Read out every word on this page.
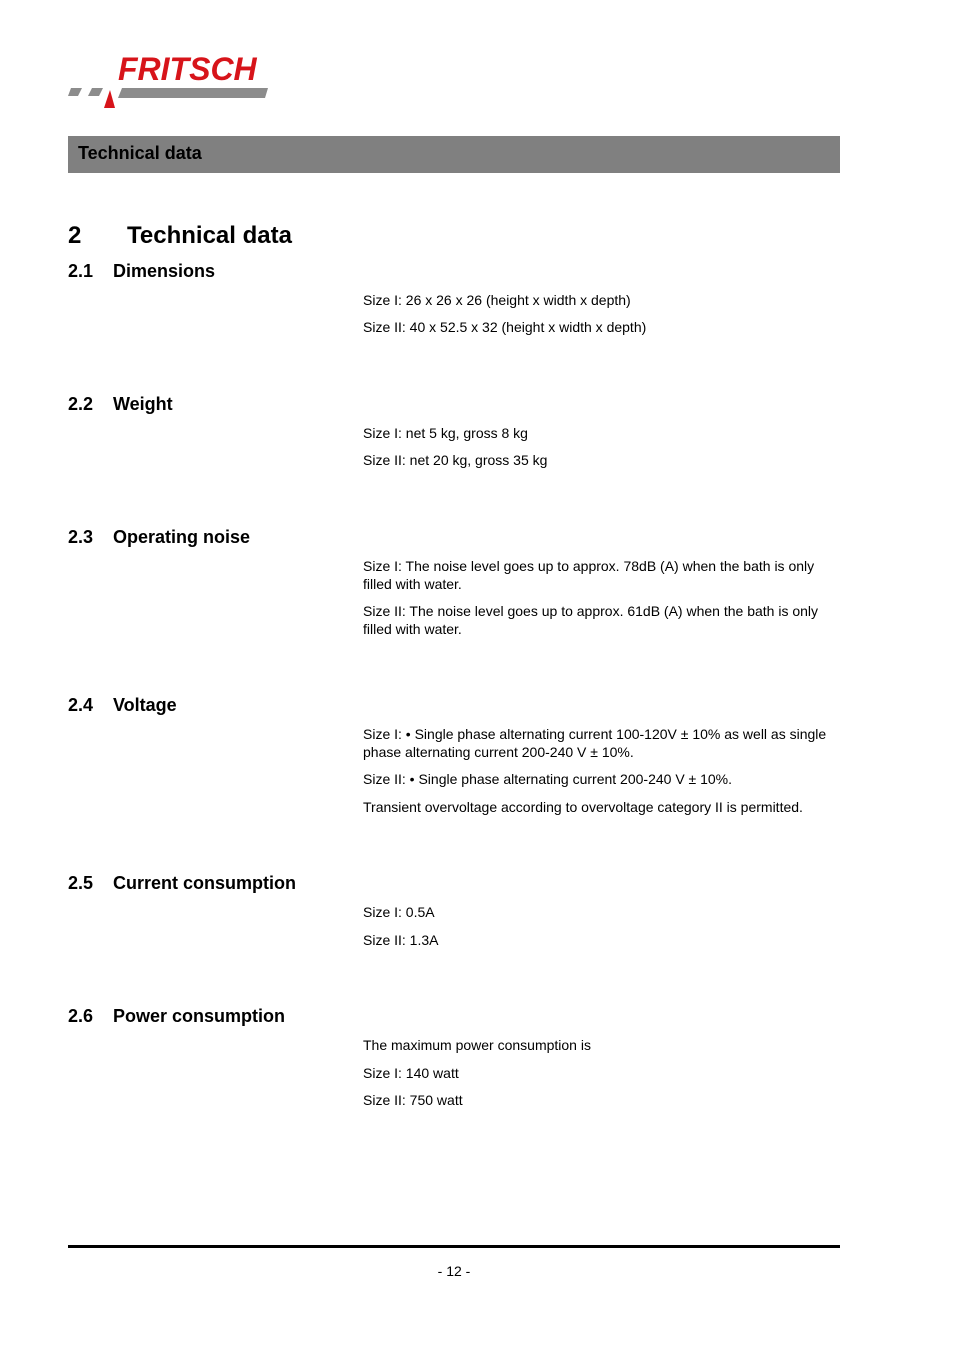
FRITSCH
Technical data
2 Technical data
2.1 Dimensions
Size I: 26 x 26 x 26 (height x width x depth)
Size II: 40 x 52.5 x 32 (height x width x depth)
2.2 Weight
Size I: net 5 kg, gross 8 kg
Size II: net 20 kg, gross 35 kg
2.3 Operating noise
Size I: The noise level goes up to approx. 78dB (A) when the bath is only filled with water.
Size II: The noise level goes up to approx. 61dB (A) when the bath is only filled with water.
2.4 Voltage
Size I: • Single phase alternating current 100-120V ± 10% as well as single phase alternating current 200-240 V ± 10%.
Size II: • Single phase alternating current 200-240 V ± 10%.
Transient overvoltage according to overvoltage category II is permitted.
2.5 Current consumption
Size I: 0.5A
Size II: 1.3A
2.6 Power consumption
The maximum power consumption is
Size I: 140 watt
Size II: 750 watt
- 12 -
